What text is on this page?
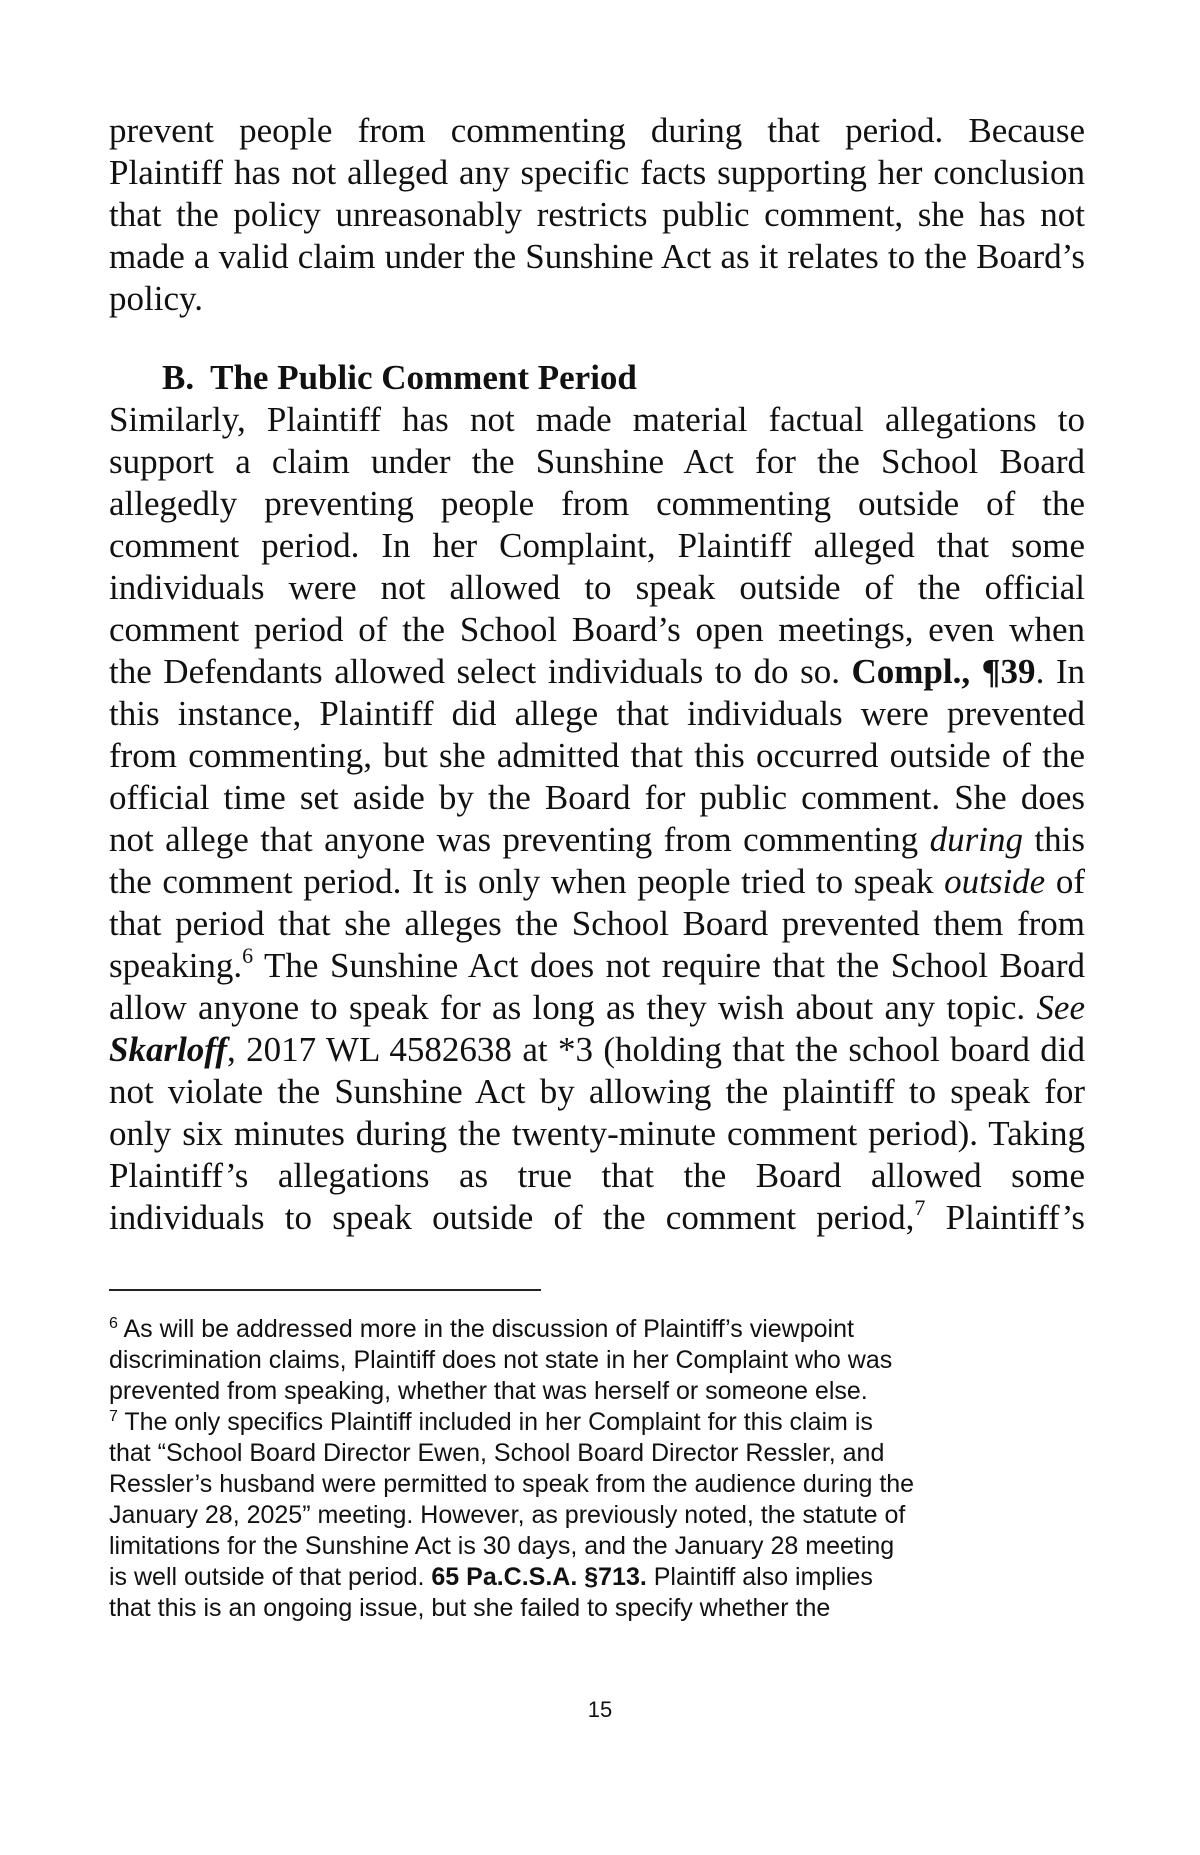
prevent people from commenting during that period. Because
Plaintiff has not alleged any specific facts supporting her conclusion
that the policy unreasonably restricts public comment, she has not
made a valid claim under the Sunshine Act as it relates to the Board’s
policy.
B. The Public Comment Period
Similarly, Plaintiff has not made material factual allegations to
support a claim under the Sunshine Act for the School Board
allegedly preventing people from commenting outside of the
comment period. In her Complaint, Plaintiff alleged that some
individuals were not allowed to speak outside of the official
comment period of the School Board’s open meetings, even when
the Defendants allowed select individuals to do so. Compl., ¶39. In
this instance, Plaintiff did allege that individuals were prevented
from commenting, but she admitted that this occurred outside of the
official time set aside by the Board for public comment. She does
not allege that anyone was preventing from commenting during this
the comment period. It is only when people tried to speak outside of
that period that she alleges the School Board prevented them from
speaking.$^6$ The Sunshine Act does not require that the School Board
allow anyone to speak for as long as they wish about any topic. See
Skarloff, 2017 WL 4582638 at *3 (holding that the school board did
not violate the Sunshine Act by allowing the plaintiff to speak for
only six minutes during the twenty-minute comment period). Taking
Plaintiff’s allegations as true that the Board allowed some
individuals to speak outside of the comment period,$^7$ Plaintiff’s
$^6$ As will be addressed more in the discussion of Plaintiff’s viewpoint
discrimination claims, Plaintiff does not state in her Complaint who was
prevented from speaking, whether that was herself or someone else.
$^7$ The only specifics Plaintiff included in her Complaint for this claim is
that “School Board Director Ewen, School Board Director Ressler, and
Ressler’s husband were permitted to speak from the audience during the
January 28, 2025” meeting. However, as previously noted, the statute of
limitations for the Sunshine Act is 30 days, and the January 28 meeting
is well outside of that period. 65 Pa.C.S.A. §713. Plaintiff also implies
that this is an ongoing issue, but she failed to specify whether the
15
